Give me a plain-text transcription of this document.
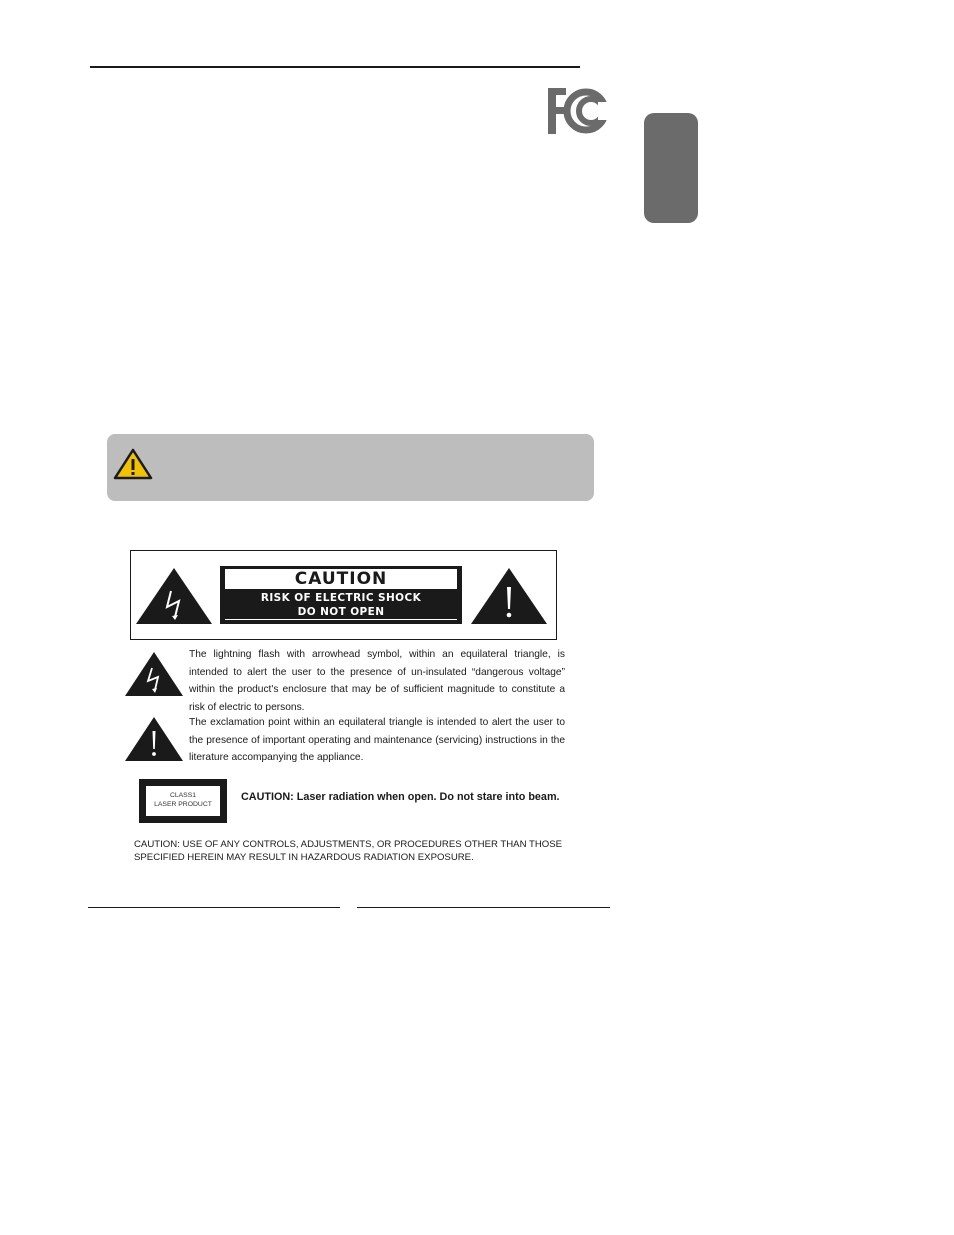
CAUTION
RISK OF ELECTRIC SHOCK
DO NOT OPEN
The lightning flash with arrowhead symbol, within an equilateral triangle, is intended to alert the user to the presence of un-insulated “dangerous voltage” within the product's enclosure that may be of sufficient magnitude to constitute a risk of electric to persons.
The exclamation point within an equilateral triangle is intended to alert the user to the presence of important operating and maintenance (servicing) instructions in the literature accompanying the appliance.
CLASS1
LASER PRODUCT
CAUTION: Laser radiation when open. Do not stare into beam.
CAUTION: USE OF ANY CONTROLS, ADJUSTMENTS, OR PROCEDURES OTHER THAN THOSE SPECIFIED HEREIN MAY RESULT IN HAZARDOUS RADIATION EXPOSURE.
